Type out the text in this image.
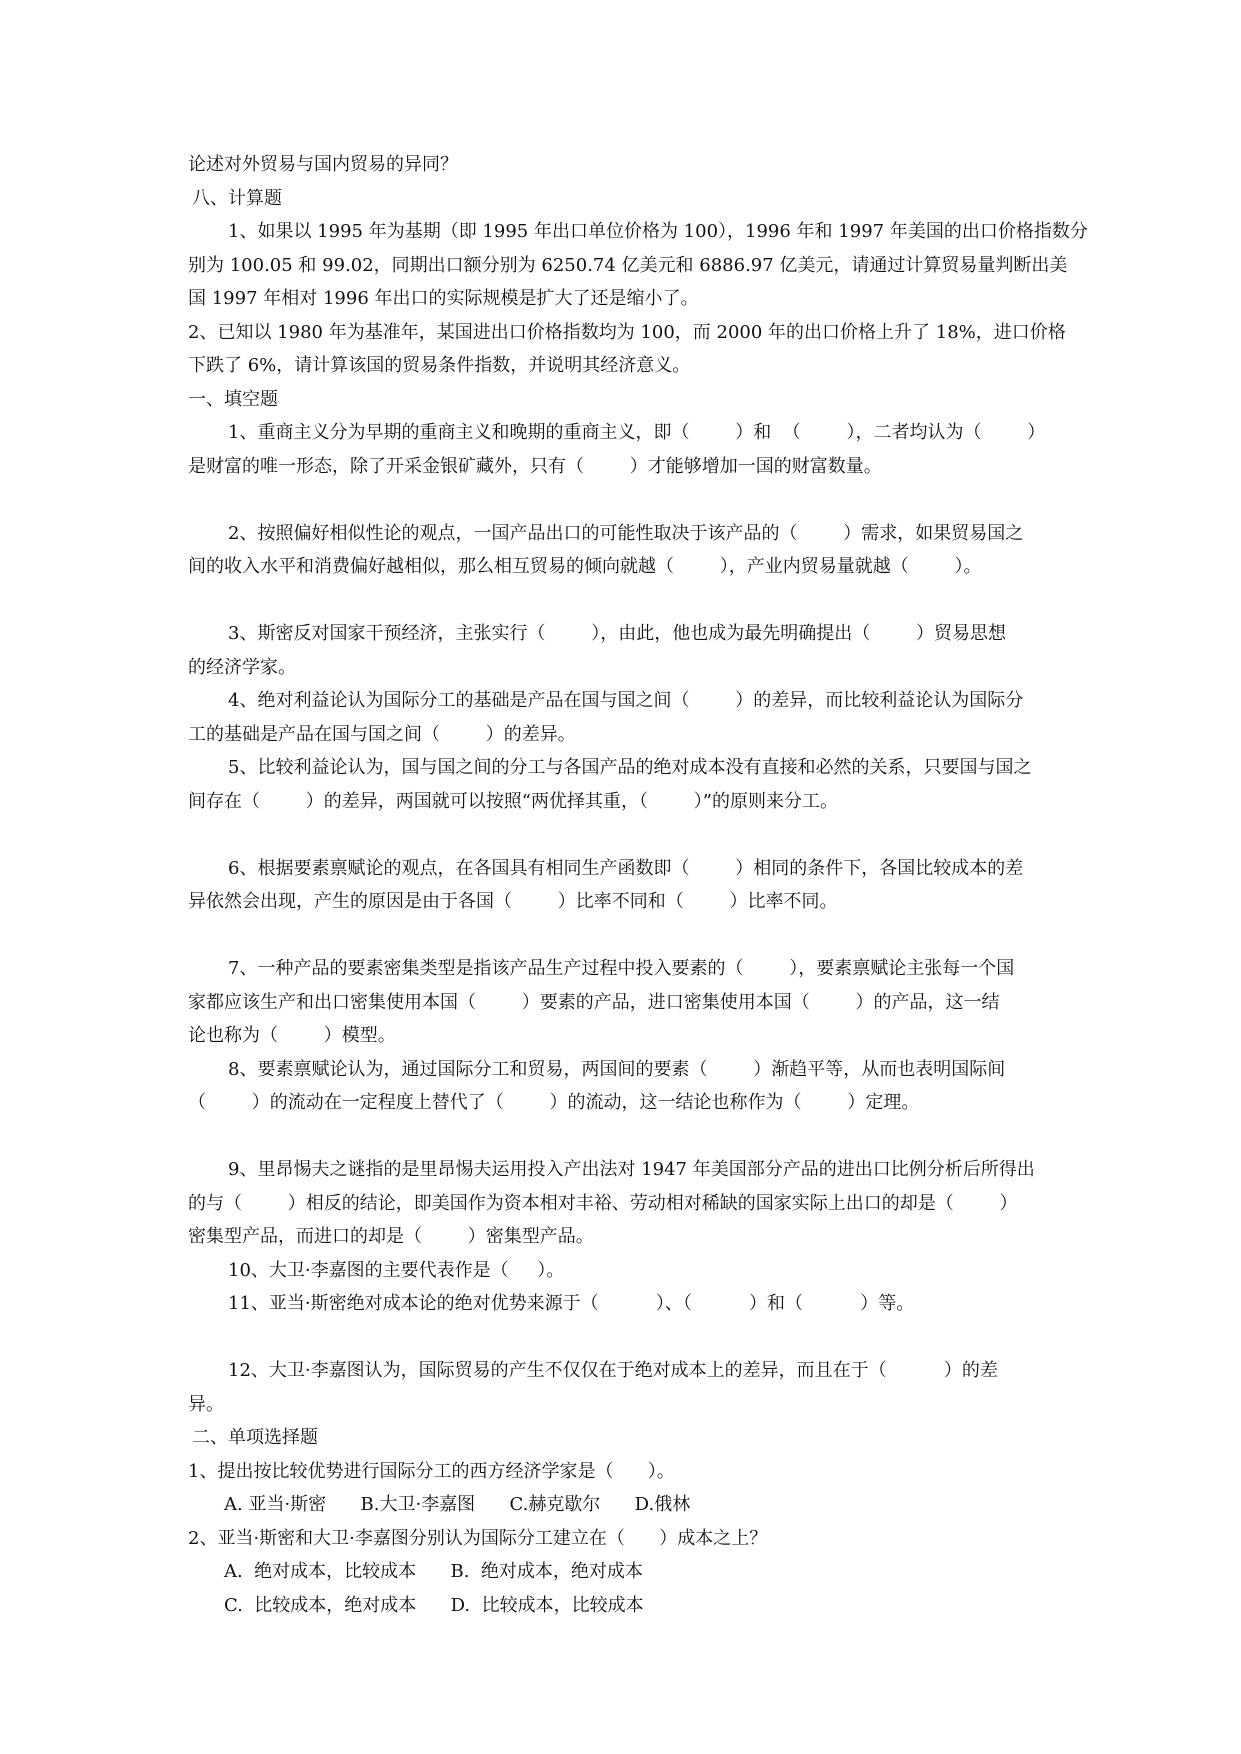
论述对外贸易与国内贸易的异同？

八、计算题

1、如果以 1995 年为基期（即 1995 年出口单位价格为 100），1996 年和 1997 年美国的出口价格指数分

别为 100.05 和 99.02，同期出口额分别为 6250.74 亿美元和 6886.97 亿美元，请通过计算贸易量判断出美

国 1997 年相对 1996 年出口的实际规模是扩大了还是缩小了。

2、已知以 1980 年为基准年，某国进出口价格指数均为 100，而 2000 年的出口价格上升了 18%，进口价格

下跌了 6%，请计算该国的贸易条件指数，并说明其经济意义。

一、填空题

1、重商主义分为早期的重商主义和晚期的重商主义，即（        ）和  （        ），二者均认为（        ）

是财富的唯一形态，除了开采金银矿藏外，只有（        ）才能够增加一国的财富数量。

2、按照偏好相似性论的观点，一国产品出口的可能性取决于该产品的（        ）需求，如果贸易国之

间的收入水平和消费偏好越相似，那么相互贸易的倾向就越（        ），产业内贸易量就越（        ）。

3、斯密反对国家干预经济，主张实行（        ），由此，他也成为最先明确提出（        ）贸易思想

的经济学家。

4、绝对利益论认为国际分工的基础是产品在国与国之间（        ）的差异，而比较利益论认为国际分

工的基础是产品在国与国之间（        ）的差异。

5、比较利益论认为，国与国之间的分工与各国产品的绝对成本没有直接和必然的关系，只要国与国之

间存在（        ）的差异，两国就可以按照“两优择其重，（        ）”的原则来分工。

6、根据要素禀赋论的观点，在各国具有相同生产函数即（        ）相同的条件下，各国比较成本的差

异依然会出现，产生的原因是由于各国（        ）比率不同和（        ）比率不同。

7、一种产品的要素密集类型是指该产品生产过程中投入要素的（        ），要素禀赋论主张每一个国

家都应该生产和出口密集使用本国（        ）要素的产品，进口密集使用本国（        ）的产品，这一结

论也称为（        ）模型。

8、要素禀赋论认为，通过国际分工和贸易，两国间的要素（        ）渐趋平等，从而也表明国际间

（        ）的流动在一定程度上替代了（        ）的流动，这一结论也称作为（        ）定理。

9、里昂惕夫之谜指的是里昂惕夫运用投入产出法对 1947 年美国部分产品的进出口比例分析后所得出

的与（        ）相反的结论，即美国作为资本相对丰裕、劳动相对稀缺的国家实际上出口的却是（        ）

密集型产品，而进口的却是（        ）密集型产品。

10、大卫·李嘉图的主要代表作是（     ）。

11、亚当·斯密绝对成本论的绝对优势来源于（          ）、（          ）和（          ）等。

12、大卫·李嘉图认为，国际贸易的产生不仅仅在于绝对成本上的差异，而且在于（          ）的差

异。

二、单项选择题

1、提出按比较优势进行国际分工的西方经济学家是（      ）。

A. 亚当·斯密      B.大卫·李嘉图      C.赫克歇尔      D.俄林

2、亚当·斯密和大卫·李嘉图分别认为国际分工建立在（      ）成本之上？

A.  绝对成本，比较成本      B.  绝对成本，绝对成本

C.  比较成本，绝对成本      D.  比较成本，比较成本
